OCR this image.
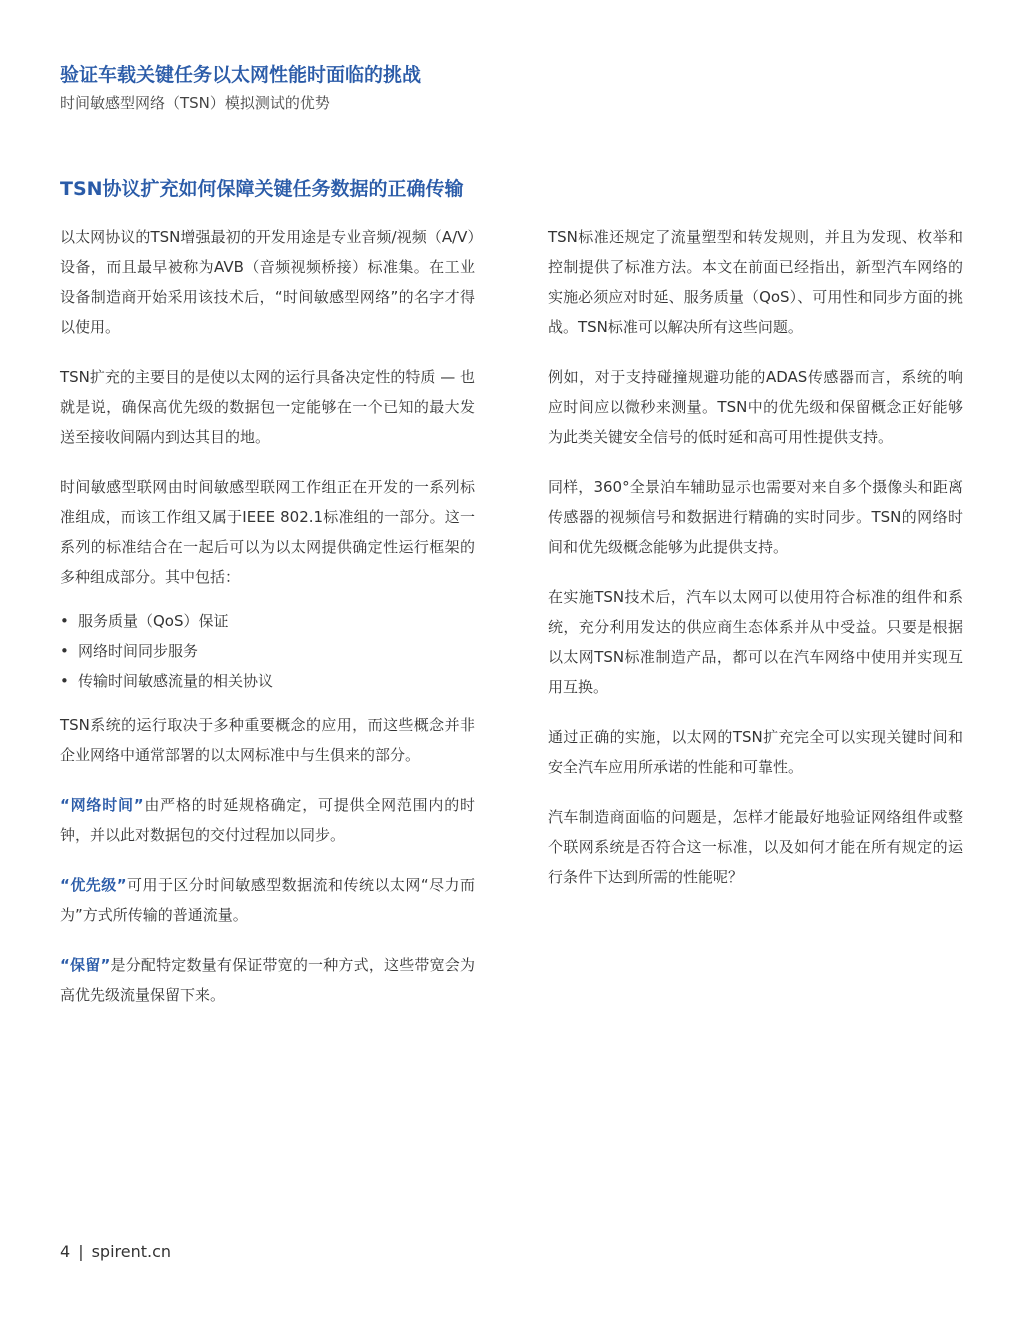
验证车载关键任务以太网性能时面临的挑战
时间敏感型网络（TSN）模拟测试的优势
TSN协议扩充如何保障关键任务数据的正确传输

以太网协议的TSN增强最初的开发用途是专业音频/视频（A/V）设备，而且最早被称为AVB（音频视频桥接）标准集。在工业设备制造商开始采用该技术后，“时间敏感型网络”的名字才得以使用。

TSN扩充的主要目的是使以太网的运行具备决定性的特质 — 也就是说，确保高优先级的数据包一定能够在一个已知的最大发送至接收间隔内到达其目的地。

时间敏感型联网由时间敏感型联网工作组正在开发的一系列标准组成，而该工作组又属于IEEE 802.1标准组的一部分。这一系列的标准结合在一起后可以为以太网提供确定性运行框架的多种组成部分。其中包括：

• 服务质量（QoS）保证
• 网络时间同步服务
• 传输时间敏感流量的相关协议

TSN系统的运行取决于多种重要概念的应用，而这些概念并非企业网络中通常部署的以太网标准中与生俱来的部分。

“网络时间”由严格的时延规格确定，可提供全网范围内的时钟，并以此对数据包的交付过程加以同步。

“优先级”可用于区分时间敏感型数据流和传统以太网“尽力而为”方式所传输的普通流量。

“保留”是分配特定数量有保证带宽的一种方式，这些带宽会为高优先级流量保留下来。

TSN标准还规定了流量塑型和转发规则，并且为发现、枚举和控制提供了标准方法。本文在前面已经指出，新型汽车网络的实施必须应对时延、服务质量（QoS）、可用性和同步方面的挑战。TSN标准可以解决所有这些问题。

例如，对于支持碰撞规避功能的ADAS传感器而言，系统的响应时间应以微秒来测量。TSN中的优先级和保留概念正好能够为此类关键安全信号的低时延和高可用性提供支持。

同样，360°全景泊车辅助显示也需要对来自多个摄像头和距离传感器的视频信号和数据进行精确的实时同步。TSN的网络时间和优先级概念能够为此提供支持。

在实施TSN技术后，汽车以太网可以使用符合标准的组件和系统，充分利用发达的供应商生态体系并从中受益。只要是根据以太网TSN标准制造产品，都可以在汽车网络中使用并实现互用互换。

通过正确的实施，以太网的TSN扩充完全可以实现关键时间和安全汽车应用所承诺的性能和可靠性。

汽车制造商面临的问题是，怎样才能最好地验证网络组件或整个联网系统是否符合这一标准，以及如何才能在所有规定的运行条件下达到所需的性能呢？

4 | spirent.cn
